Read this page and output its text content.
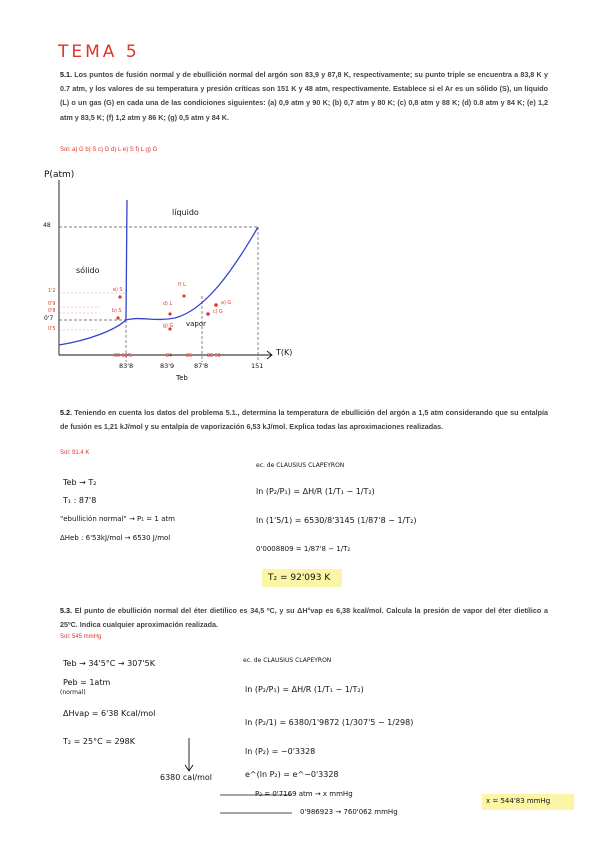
TEMA 5
5.1. Los puntos de fusión normal y de ebullición normal del argón son 83,9 y 87,8 K, respectivamente; su punto triple se encuentra a 83,8 K y 0.7 atm, y los valores de su temperatura y presión críticas son 151 K y 48 atm, respectivamente. Establece si el Ar es un sólido (S), un líquido (L) o un gas (G) en cada una de las condiciones siguientes: (a) 0,9 atm y 90 K; (b) 0,7 atm y 80 K; (c) 0,8 atm y 88 K; (d) 0.8 atm y 84 K; (e) 1,2 atm y 83,5 K; (f) 1,2 atm y 86 K; (g) 0,5 atm y 84 K.
Sol: a) G b) S c) G d) L e) S f) L g) G
P(atm)
T(K)
48
1'2
0'9
0'8
0'7
0'5
sólido
líquido
vapor
e) S
b) S
d) L
f) L
g) G
a) G
c) G
80 83'5
83'8
84
83'9
86
87'8
88 90
151
Teb
5.2. Teniendo en cuenta los datos del problema 5.1., determina la temperatura de ebullición del argón a 1,5 atm considerando que su entalpía de fusión es 1,21 kJ/mol y su entalpía de vaporización 6,53 kJ/mol. Explica todas las aproximaciones realizadas.
Sol: 91.4 K
Teb → T₂
T₁ : 87'8
"ebullición normal" → P₁ = 1 atm
ΔHeb : 6'53kJ/mol → 6530 J/mol
ec. de CLAUSIUS CLAPEYRON
ln (P₂/P₁) = ΔH/R (1/T₁ − 1/T₂)
ln (1'5/1) = 6530/8'3145 (1/87'8 − 1/T₂)
0'0008809 = 1/87'8 − 1/T₂
T₂ = 92'093 K
5.3. El punto de ebullición normal del éter dietílico es 34,5 ºC, y su ΔH°vap es 6,38 kcal/mol. Calcula la presión de vapor del éter dietílico a 25ºC. Indica cualquier aproximación realizada.
Sol: 545 mmHg
Teb → 34'5°C → 307'5K
Peb = 1atm
(normal)
ΔHvap = 6'38 Kcal/mol
T₂ = 25°C = 298K
6380 cal/mol
ec. de CLAUSIUS CLAPEYRON
ln (P₂/P₁) = ΔH/R (1/T₁ − 1/T₂)
ln (P₂/1) = 6380/1'9872 (1/307'5 − 1/298)
ln (P₂) = −0'3328
e^(ln P₂) = e^−0'3328
P₂ = 0'7169 atm → x mmHg
0'986923 → 760'062 mmHg
x = 544'83 mmHg
